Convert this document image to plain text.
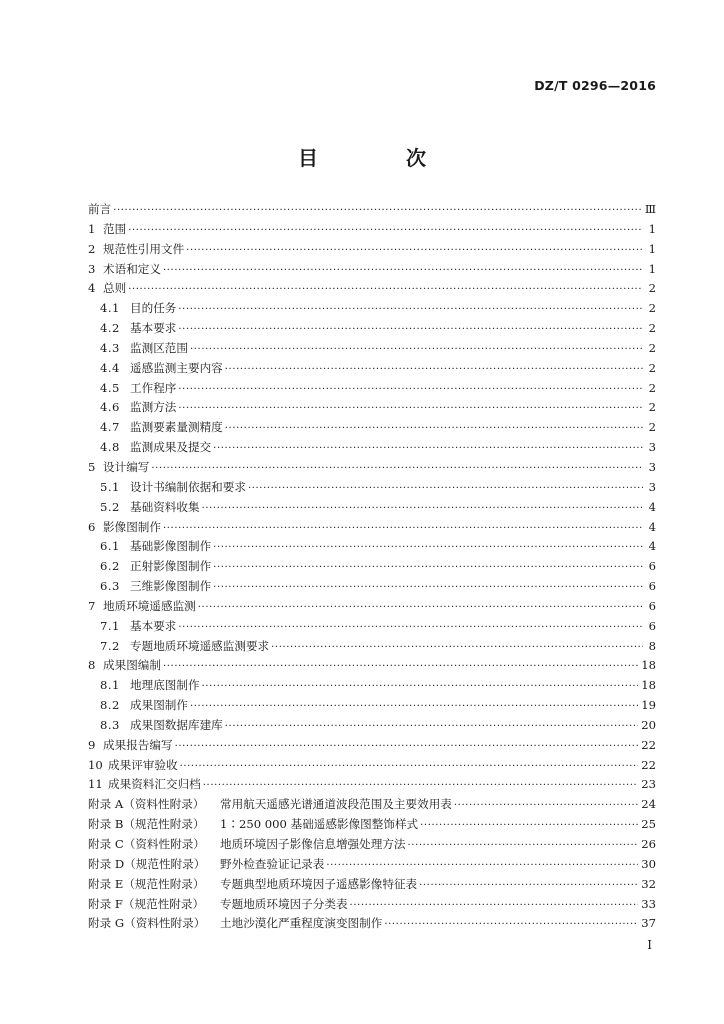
DZ/T 0296—2016
目　次
前言 ·····	Ⅲ
1 范围 ·····	1
2 规范性引用文件 ·····	1
3 术语和定义 ·····	1
4 总则 ·····	2
4.1 目的任务 ·····	2
4.2 基本要求 ·····	2
4.3 监测区范围 ·····	2
4.4 遥感监测主要内容 ·····	2
4.5 工作程序 ·····	2
4.6 监测方法 ·····	2
4.7 监测要素量测精度 ·····	2
4.8 监测成果及提交 ·····	3
5 设计编写 ·····	3
5.1 设计书编制依据和要求 ·····	3
5.2 基础资料收集 ·····	4
6 影像图制作 ·····	4
6.1 基础影像图制作 ·····	4
6.2 正射影像图制作 ·····	6
6.3 三维影像图制作 ·····	6
7 地质环境遥感监测 ·····	6
7.1 基本要求 ·····	6
7.2 专题地质环境遥感监测要求 ·····	8
8 成果图编制 ·····	18
8.1 地理底图制作 ·····	18
8.2 成果图制作 ·····	19
8.3 成果图数据库建库 ·····	20
9 成果报告编写 ·····	22
10 成果评审验收 ·····	22
11 成果资料汇交归档 ·····	23
附录 A（资料性附录）	常用航天遥感光谱通道波段范围及主要效用表 ·····	24
附录 B（规范性附录）	1∶250 000 基础遥感影像图整饰样式 ·····	25
附录 C（资料性附录）	地质环境因子影像信息增强处理方法 ·····	26
附录 D（规范性附录）	野外检查验证记录表 ·····	30
附录 E（规范性附录）	专题典型地质环境因子遥感影像特征表 ·····	32
附录 F（规范性附录）	专题地质环境因子分类表 ·····	33
附录 G（资料性附录）	土地沙漠化严重程度演变图制作 ·····	37
Ⅰ
